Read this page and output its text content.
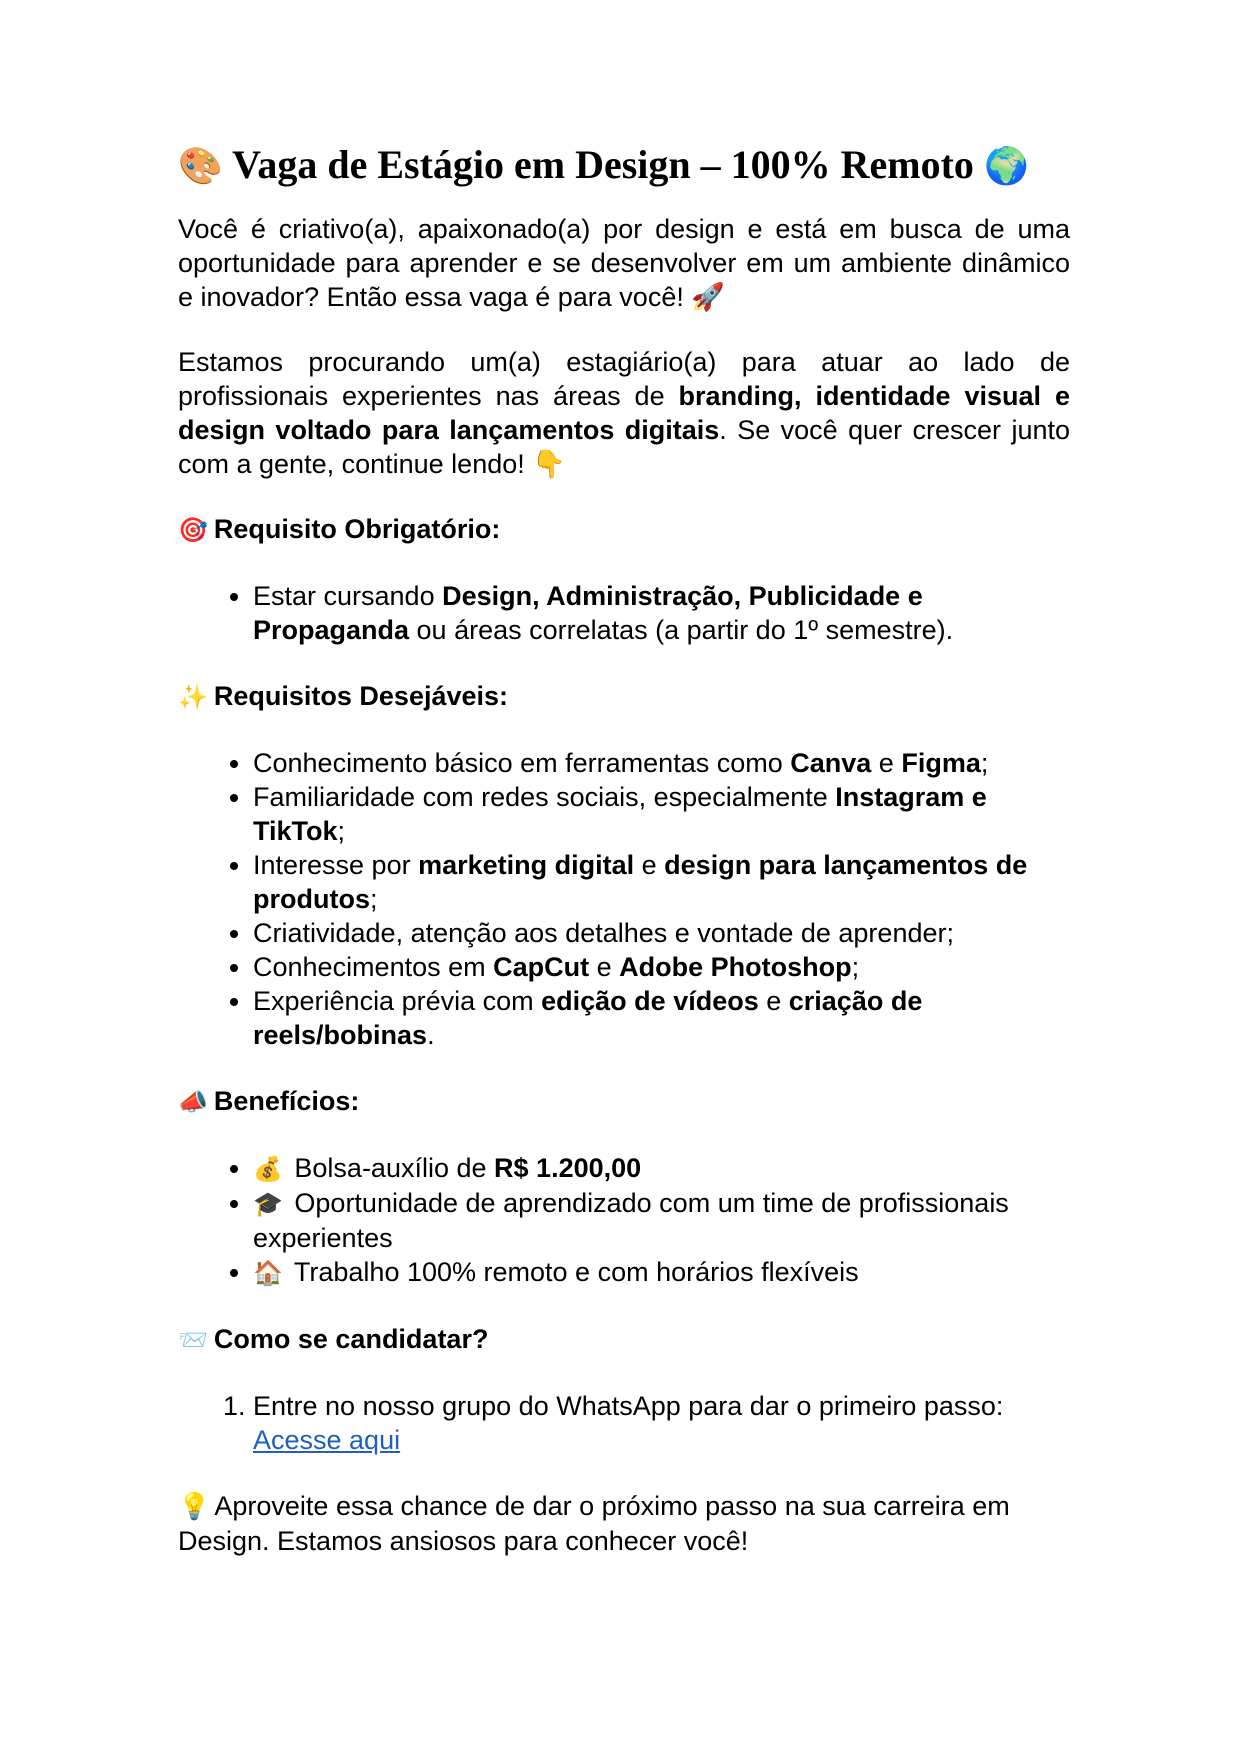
🎨 Vaga de Estágio em Design – 100% Remoto 🌍

Você é criativo(a), apaixonado(a) por design e está em busca de uma oportunidade para aprender e se desenvolver em um ambiente dinâmico e inovador? Então essa vaga é para você! 🚀

Estamos procurando um(a) estagiário(a) para atuar ao lado de profissionais experientes nas áreas de branding, identidade visual e design voltado para lançamentos digitais. Se você quer crescer junto com a gente, continue lendo! 👇

🎯 Requisito Obrigatório:
• Estar cursando Design, Administração, Publicidade e Propaganda ou áreas correlatas (a partir do 1º semestre).
✨ Requisitos Desejáveis:
• Conhecimento básico em ferramentas como Canva e Figma;
• Familiaridade com redes sociais, especialmente Instagram e TikTok;
• Interesse por marketing digital e design para lançamentos de produtos;
• Criatividade, atenção aos detalhes e vontade de aprender;
• Conhecimentos em CapCut e Adobe Photoshop;
• Experiência prévia com edição de vídeos e criação de reels/bobinas.
📣 Benefícios:
• 💰 Bolsa-auxílio de R$ 1.200,00
• 🎓 Oportunidade de aprendizado com um time de profissionais experientes
• 🏠 Trabalho 100% remoto e com horários flexíveis
📨 Como se candidatar?
1. Entre no nosso grupo do WhatsApp para dar o primeiro passo: Acesse aqui

💡 Aproveite essa chance de dar o próximo passo na sua carreira em Design. Estamos ansiosos para conhecer você!
